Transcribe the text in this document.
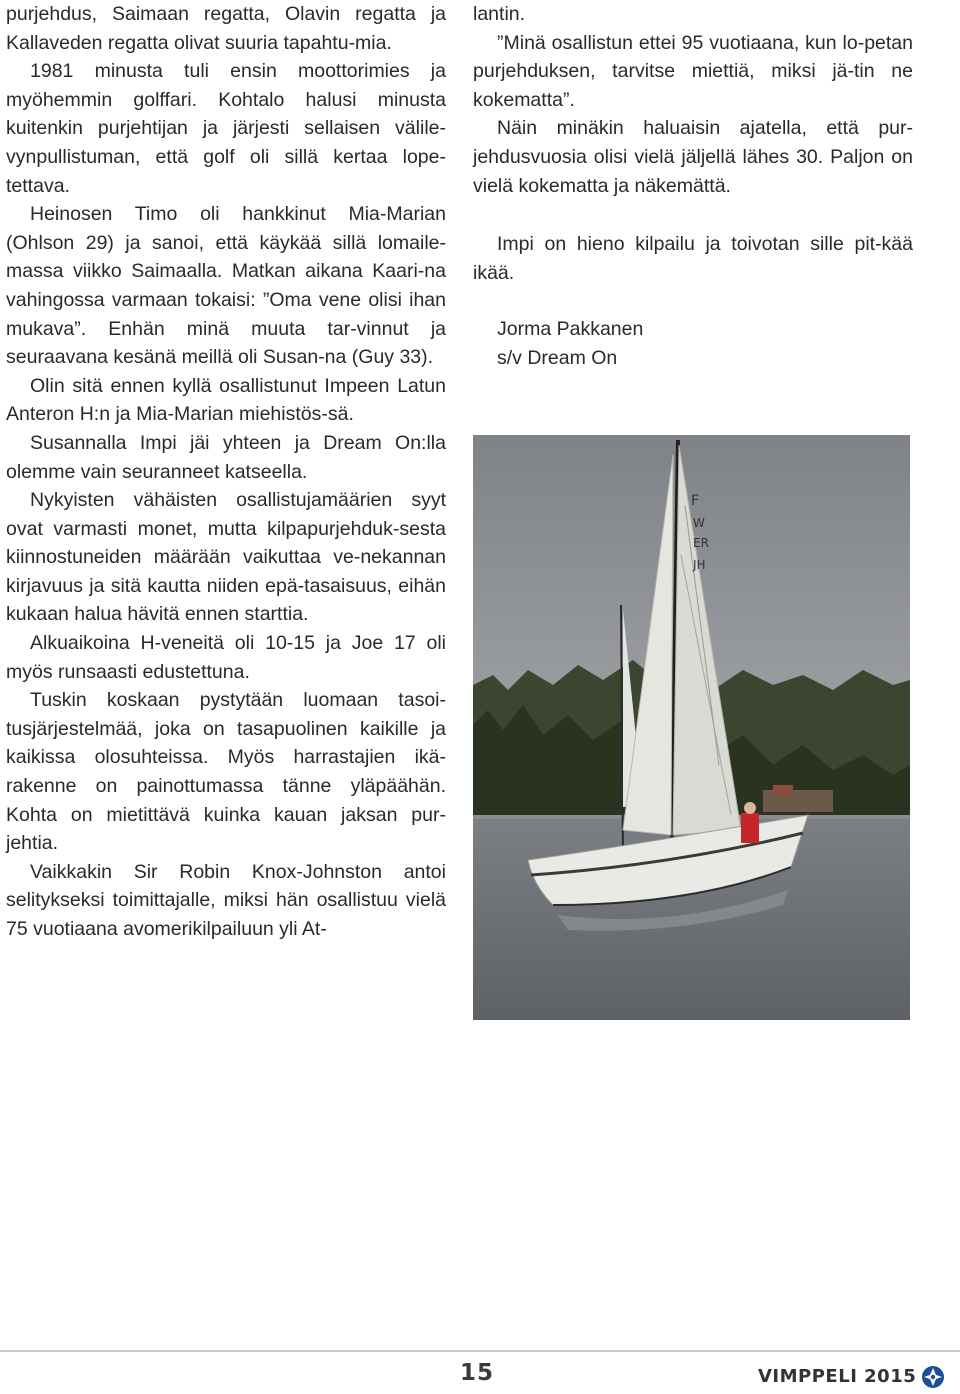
purjehdus, Saimaan regatta, Olavin regatta ja Kallaveden regatta olivat suuria tapahtu-mia.

1981 minusta tuli ensin moottorimies ja myöhemmin golffari. Kohtalo halusi minusta kuitenkin purjehtijan ja järjesti sellaisen välile-vynpullistuman, että golf oli sillä kertaa lope-tettava.

Heinosen Timo oli hankkinut Mia-Marian (Ohlson 29) ja sanoi, että käykää sillä lomaile-massa viikko Saimaalla. Matkan aikana Kaari-na vahingossa varmaan tokaisi: ”Oma vene olisi ihan mukava”. Enhän minä muuta tar-vinnut ja seuraavana kesänä meillä oli Susan-na (Guy 33).

Olin sitä ennen kyllä osallistunut Impeen Latun Anteron H:n ja Mia-Marian miehistös-sä.

Susannalla Impi jäi yhteen ja Dream On:lla olemme vain seuranneet katseella.

Nykyisten vähäisten osallistujamäärien syyt ovat varmasti monet, mutta kilpapurjehduk-sesta kiinnostuneiden määrään vaikuttaa ve-nekannan kirjavuus ja sitä kautta niiden epä-tasaisuus, eihän kukaan halua hävitä ennen starttia.

Alkuaikoina H-veneitä oli 10-15 ja Joe 17 oli myös runsaasti edustettuna.

Tuskin koskaan pystytään luomaan tasoi-tusjärjestelmää, joka on tasapuolinen kaikille ja kaikissa olosuhteissa. Myös harrastajien ikä-rakenne on painottumassa tänne yläpäähän. Kohta on mietittävä kuinka kauan jaksan pur-jehtia.

Vaikkakin Sir Robin Knox-Johnston antoi selitykseksi toimittajalle, miksi hän osallistuu vielä 75 vuotiaana avomerikilpailuun yli At-

lantin.

”Minä osallistun ettei 95 vuotiaana, kun lo-petan purjehduksen, tarvitse miettiä, miksi jä-tin ne kokematta”.

Näin minäkin haluaisin ajatella, että pur-jehdusvuosia olisi vielä jäljellä lähes 30. Paljon on vielä kokematta ja näkemättä.

Impi on hieno kilpailu ja toivotan sille pit-kää ikää.

Jorma Pakkanen
s/v Dream On
F
W
ER
JH
15	VIMPPELI 2015
